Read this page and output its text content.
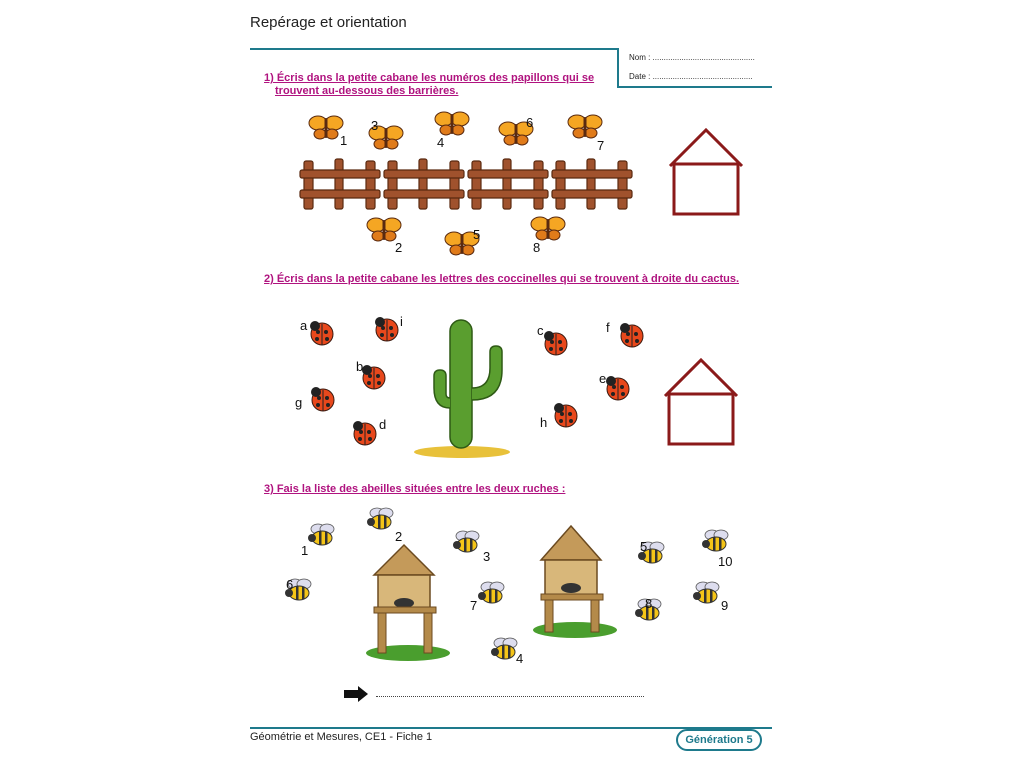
Repérage et orientation
Nom : ..............................................
Date : .............................................
1) Écris dans la petite cabane les numéros des papillons qui se
trouvent au-dessous des barrières.
1
3
4
6
7
2
5
8
2) Écris dans la petite cabane les lettres des coccinelles qui se trouvent à droite du cactus.
a	i
b
g
d
c	f
e
h
3) Fais la liste des abeilles situées entre les deux ruches :
1
2
3
6
7
4
5
10
8	9
Géométrie et Mesures, CE1 - Fiche 1	Génération 5
